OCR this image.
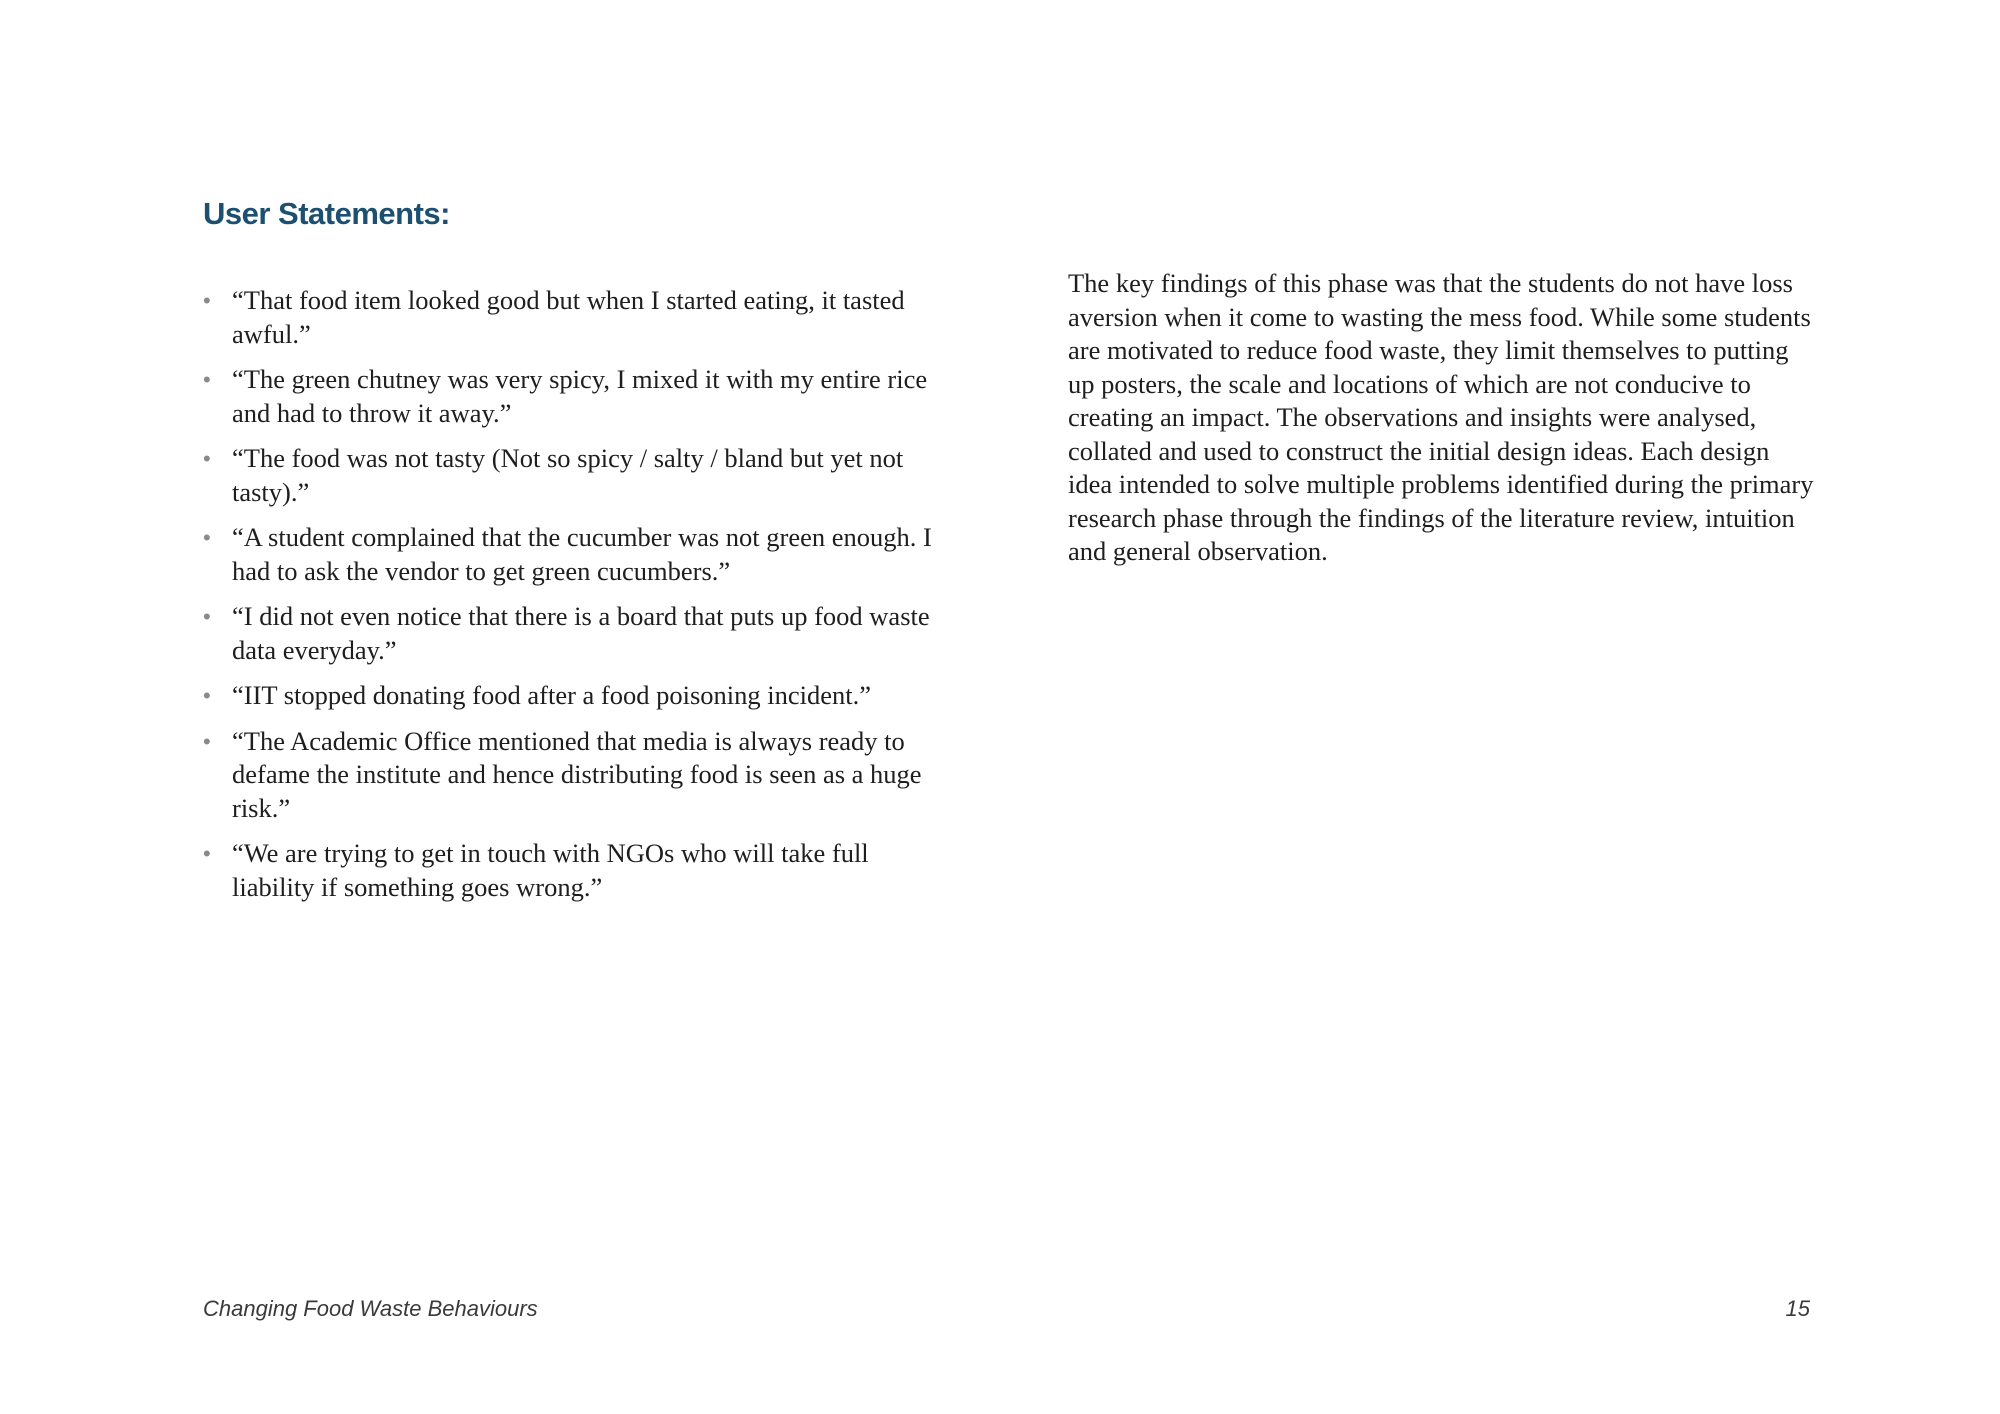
User Statements:
• “That food item looked good but when I started eating, it tasted awful.”
• “The green chutney was very spicy, I mixed it with my entire rice and had to throw it away.”
• “The food was not tasty (Not so spicy / salty / bland but yet not tasty).”
• “A student complained that the cucumber was not green enough. I had to ask the vendor to get green cucumbers.”
• “I did not even notice that there is a board that puts up food waste data everyday.”
• “IIT stopped donating food after a food poisoning incident.”
• “The Academic Office mentioned that media is always ready to defame the institute and hence distributing food is seen as a huge risk.”
• “We are trying to get in touch with NGOs who will take full liability if something goes wrong.”

The key findings of this phase was that the students do not have loss aversion when it come to wasting the mess food. While some students are motivated to reduce food waste, they limit themselves to putting up posters, the scale and locations of which are not conducive to creating an impact. The observations and insights were analysed, collated and used to construct the initial design ideas. Each design idea intended to solve multiple problems identified during the primary research phase through the findings of the literature review, intuition and general observation.

Changing Food Waste Behaviours	15
